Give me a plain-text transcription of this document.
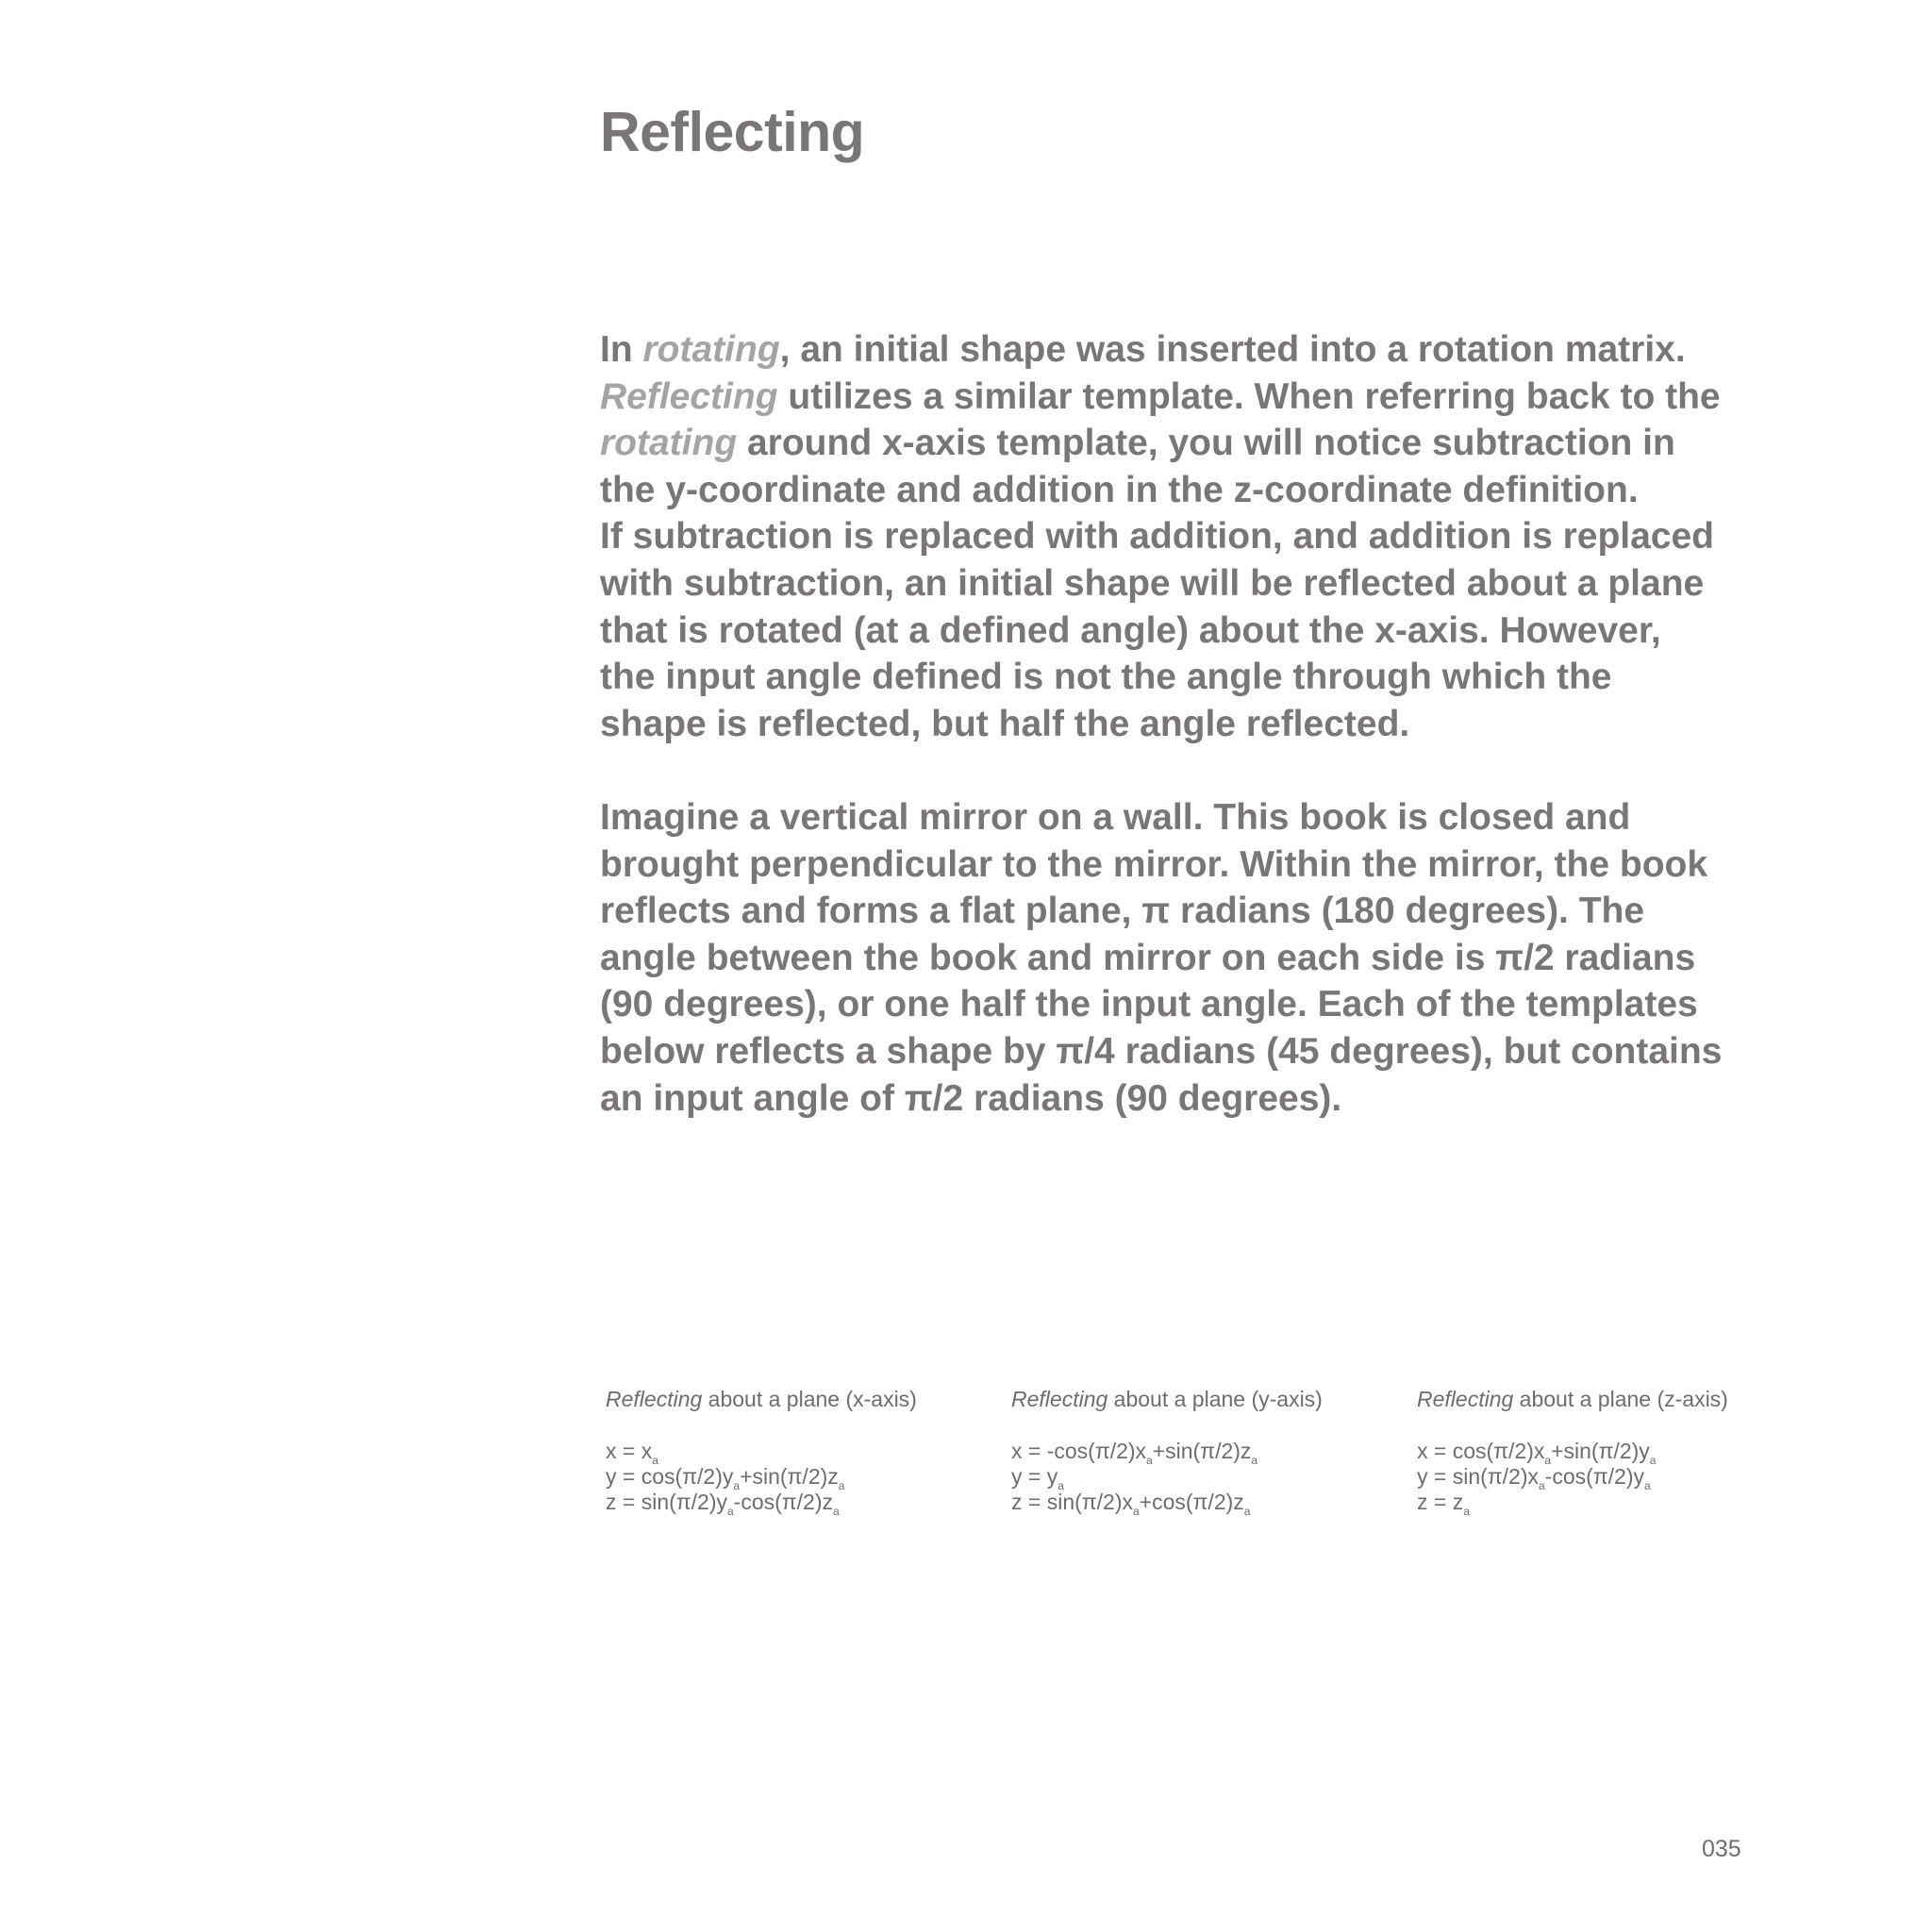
Reflecting

In rotating, an initial shape was inserted into a rotation matrix.
Reflecting utilizes a similar template. When referring back to the
rotating around x-axis template, you will notice subtraction in
the y-coordinate and addition in the z-coordinate definition.
If subtraction is replaced with addition, and addition is replaced
with subtraction, an initial shape will be reflected about a plane
that is rotated (at a defined angle) about the x-axis. However,
the input angle defined is not the angle through which the
shape is reflected, but half the angle reflected.

Imagine a vertical mirror on a wall. This book is closed and
brought perpendicular to the mirror. Within the mirror, the book
reflects and forms a flat plane, π radians (180 degrees). The
angle between the book and mirror on each side is π/2 radians
(90 degrees), or one half the input angle. Each of the templates
below reflects a shape by π/4 radians (45 degrees), but contains
an input angle of π/2 radians (90 degrees).

Reflecting about a plane (x-axis)
$x = x_a$
$y = \cos(\pi/2)y_a+\sin(\pi/2)z_a$
$z = \sin(\pi/2)y_a-\cos(\pi/2)z_a$
Reflecting about a plane (y-axis)
$x = -\cos(\pi/2)x_a+\sin(\pi/2)z_a$
$y = y_a$
$z = \sin(\pi/2)x_a+\cos(\pi/2)z_a$
Reflecting about a plane (z-axis)
$x = \cos(\pi/2)x_a+\sin(\pi/2)y_a$
$y = \sin(\pi/2)x_a-\cos(\pi/2)y_a$
$z = z_a$
035
